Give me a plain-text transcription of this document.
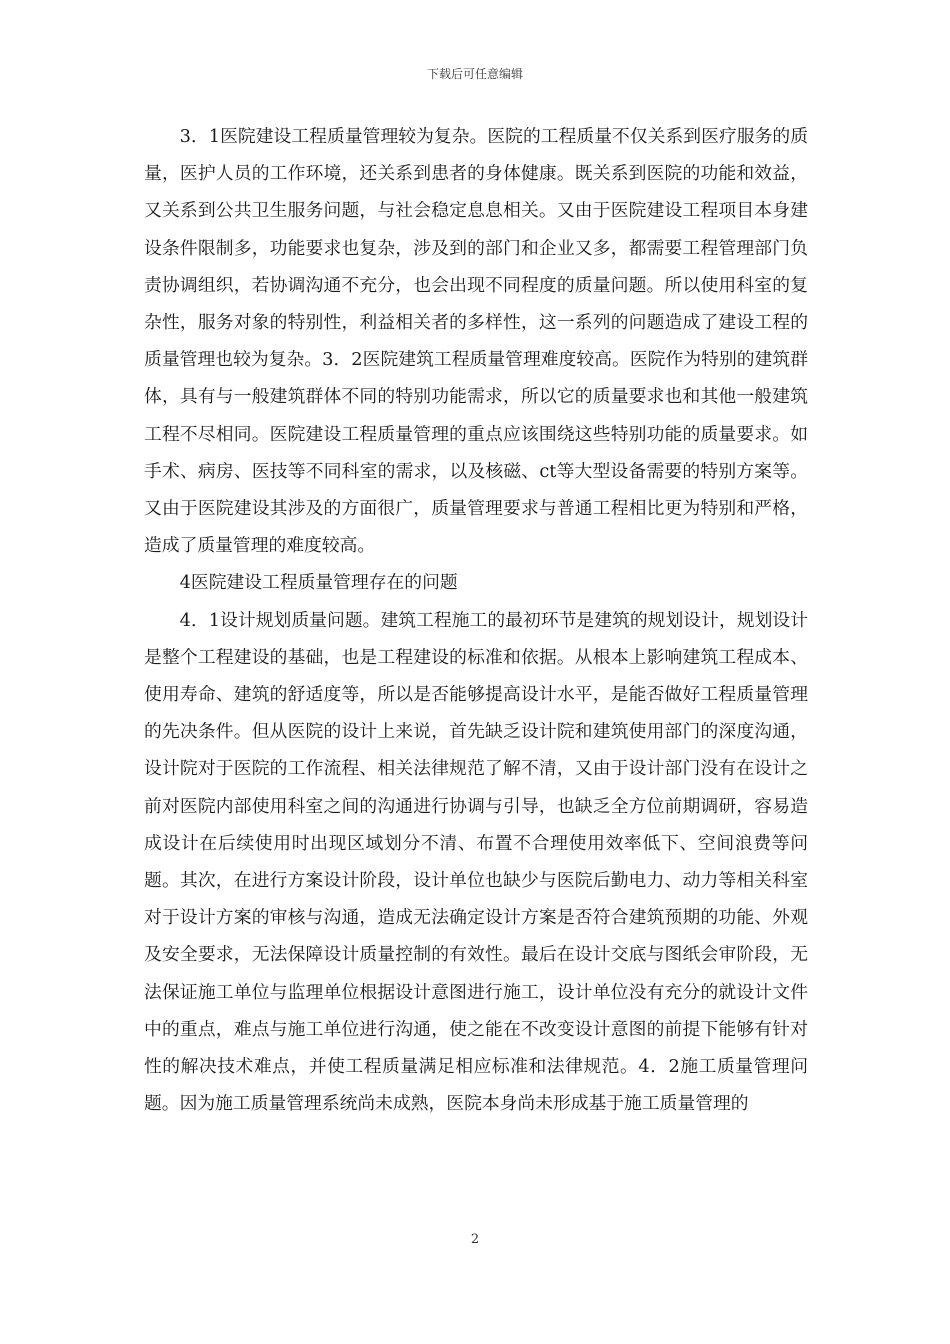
下载后可任意编辑

3．1医院建设工程质量管理较为复杂。医院的工程质量不仅关系到医疗服务的质量，医护人员的工作环境，还关系到患者的身体健康。既关系到医院的功能和效益，又关系到公共卫生服务问题，与社会稳定息息相关。又由于医院建设工程项目本身建设条件限制多，功能要求也复杂，涉及到的部门和企业又多，都需要工程管理部门负责协调组织，若协调沟通不充分，也会出现不同程度的质量问题。所以使用科室的复杂性，服务对象的特别性，利益相关者的多样性，这一系列的问题造成了建设工程的质量管理也较为复杂。3．2医院建筑工程质量管理难度较高。医院作为特别的建筑群体，具有与一般建筑群体不同的特别功能需求，所以它的质量要求也和其他一般建筑工程不尽相同。医院建设工程质量管理的重点应该围绕这些特别功能的质量要求。如手术、病房、医技等不同科室的需求，以及核磁、ct等大型设备需要的特别方案等。又由于医院建设其涉及的方面很广，质量管理要求与普通工程相比更为特别和严格，造成了质量管理的难度较高。

4医院建设工程质量管理存在的问题

4．1设计规划质量问题。建筑工程施工的最初环节是建筑的规划设计，规划设计是整个工程建设的基础，也是工程建设的标准和依据。从根本上影响建筑工程成本、使用寿命、建筑的舒适度等，所以是否能够提高设计水平，是能否做好工程质量管理的先决条件。但从医院的设计上来说，首先缺乏设计院和建筑使用部门的深度沟通，设计院对于医院的工作流程、相关法律规范了解不清，又由于设计部门没有在设计之前对医院内部使用科室之间的沟通进行协调与引导，也缺乏全方位前期调研，容易造成设计在后续使用时出现区域划分不清、布置不合理使用效率低下、空间浪费等问题。其次，在进行方案设计阶段，设计单位也缺少与医院后勤电力、动力等相关科室对于设计方案的审核与沟通，造成无法确定设计方案是否符合建筑预期的功能、外观及安全要求，无法保障设计质量控制的有效性。最后在设计交底与图纸会审阶段，无法保证施工单位与监理单位根据设计意图进行施工，设计单位没有充分的就设计文件中的重点，难点与施工单位进行沟通，使之能在不改变设计意图的前提下能够有针对性的解决技术难点，并使工程质量满足相应标准和法律规范。4．2施工质量管理问题。因为施工质量管理系统尚未成熟，医院本身尚未形成基于施工质量管理的

2
